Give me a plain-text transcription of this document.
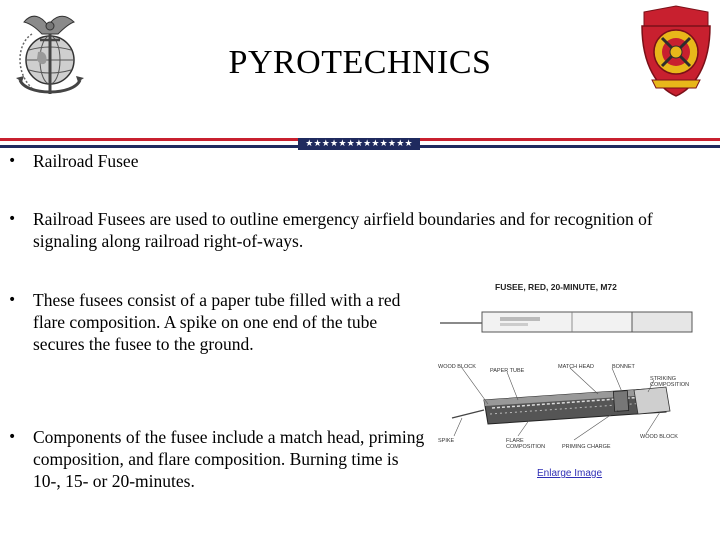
PYROTECHNICS
★★★★★★★★★★★★★
• Railroad Fusee
• Railroad Fusees are used to outline emergency airfield boundaries and for recognition of signaling along railroad right-of-ways.
• These fusees consist of a paper tube filled with a red flare composition. A spike on one end of the tube secures the fusee to the ground.
• Components of the fusee include a match head, priming composition, and flare composition. Burning time is 10-, 15- or 20-minutes.
FUSEE, RED, 20-MINUTE, M72
WOOD BLOCK
PAPER TUBE
MATCH HEAD	BONNET
STRIKING COMPOSITION
SPIKE	FLARE COMPOSITION	PRIMING CHARGE
WOOD BLOCK
Enlarge Image
